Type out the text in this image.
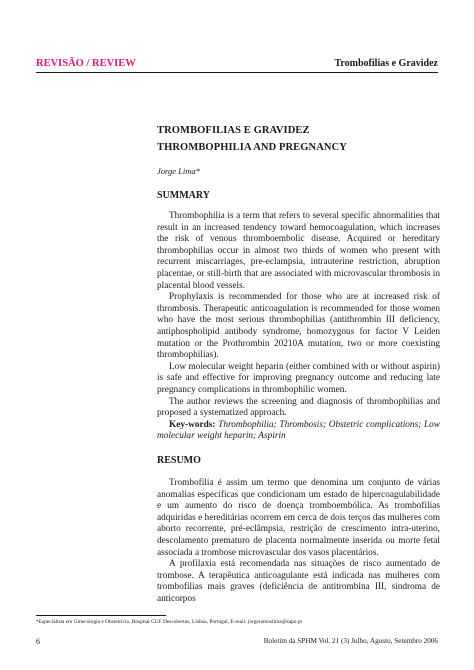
REVISÃO / REVIEW	Trombofilias e Gravidez
TROMBOFILIAS E GRAVIDEZ
THROMBOPHILIA AND PREGNANCY
Jorge Lima*
SUMMARY

Thrombophilia is a term that refers to several specific abnormalities that result in an increased tendency toward hemocoagulation, which increases the risk of venous thromboembolic disease. Acquired or hereditary thrombophilias occur in almost two thirds of women who present with recurrent miscarriages, pre-eclampsia, intrauterine restriction, abruption placentae, or still-birth that are associated with microvascular thrombosis in placental blood vessels.

Prophylaxis is recommended for those who are at increased risk of thrombosis. Therapeutic anticoagulation is recommended for those women who have the most serious thrombophilias (antithrombin III deficiency, antiphospholipid antibody syndrome, homozygous for factor V Leiden mutation or the Prothrombin 20210A mutation, two or more coexisting thrombophilias).

Low molecular weight heparin (either combined with or without aspirin) is safe and effective for improving pregnancy outcome and reducing late pregnancy complications in thrombophilic women.

The author reviews the screening and diagnosis of thrombophilias and proposed a systematized approach.

Key-words: Thrombophilia; Thrombosis; Obstetric complications; Low molecular weight heparin; Aspirin

RESUMO

Trombofilia é assim um termo que denomina um conjunto de várias anomalias específicas que condicionam um estado de hipercoagulabilidade e um aumento do risco de doença tromboembólica. As trombofilias adquiridas e hereditárias ocorrem em cerca de dois terços das mulheres com aborto recorrente, pré-eclâmpsia, restrição de crescimento intra-uterino, descolamento prematuro de placenta normalmente inserida ou morte fetal associada a trombose microvascular dos vasos placentários.

A profilaxia está recomendada nas situações de risco aumentado de trombose. A terapêutica anticoagulante está indicada nas mulheres com trombofilias mais graves (deficiência de antitrombina III, síndroma de anticorpos

*Especialista em Ginecologia e Obstetrícia. Hospital CUF Descobertas, Lisboa, Portugal, E-mail: jorgeramoslima@sapo.pt
6	Boletim da SPHM Vol. 21 (3) Julho, Agosto, Setembro 2006
